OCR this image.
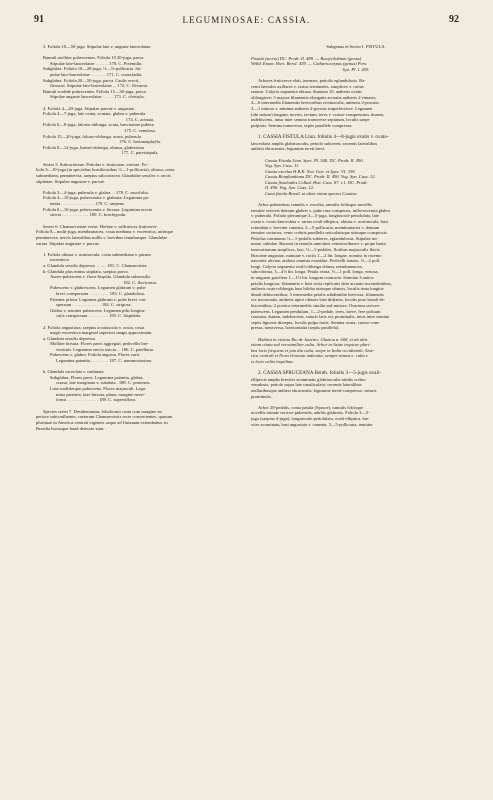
91	LEGUMINOSAE: CASSIA.	92
3. Foliola 10—50-juga. Stipulae late v. anguste lanceolatae.
Ramuli molliter pubescentes. Foliola 10 20-juga, parva.
Stipulae late-lanceolatae . . . . . . 170. C. Potentilla.
Subglabra. Foliola 10—20-juga, ½—⅔-pollicaria. Sti-
pulae lato-lanceolatae . . . . . . . 171. C. conocladia.
Subglabra. Foliola 20—50-juga, parva. Caulis erecti,
flexuosi. Stipulae lato-lanceolatae . . 172. C. flexuosa.
Ramuli sordide pubescentes. Foliola 15—30-juga, parva.
Stipulae anguste lanceolatae . . . . . 173. C. cleistyla.
4. Foliola 4—20-juga. Stipulae parvae v. angustae.
Foliola 4—7-juga, late ovata, acutata, glabra v. puberula
174. C. acinata.
Foliola 6—8-juga, falcato-oblonga, acuta, brevissime pubera
175. C. venulosa.
Foliola 15—20-juga, falcato-oblonga, acuta, puberula
176. C. bertanoiphylla.
Foliola 8—12-juga, lineari-oblonga, obtusa, glaberrima
177. C. parvistipula.
Series 5. Subcoriaceae. Petiolus v. fruticosae, erectae. Fo-
liola 3—10-juga (in speciebus brasiliensibus ½—1-pollicaria), obtusa, costa
submediana, penninervia, saepius subcoriacea. Glandulae sessiles v. raciis
stipitatae. Stipulae angustae v. parvae.
Foliola 3—4-juga, puberula v. glabra . . 178. C. ruscifolia.
Foliola 4—10-juga, pubescentia v. glabrata. Legumina pa-
tentia . . . . . . . . . . . . . . . 179. C. saepens.
Foliola 6—10-juga, pubescentia v. hirsuta. Legumina erecta
stricta . . . . . . . . . . . . 180. C. brachypoda.
Series 6. Chamaecristae verae. Herbae v. suffrutices fruticesve.
Foliola 8—multi-juga, membranacea, costa mediana v. excentrica, utrinque
penninervia, nervis lateralibus nullis v. brevibus tenuibusque. Glandulae
variae. Stipulae angustae v. parvae.
1. Foliola obtusa v. acutiuscula, costa submediana v. parum
excentrica.
a. Glandula sessilis depressa . . . . . 181. C. Chamaecrista.
b. Glandula plus minus stipitata, saepius parva.
Aureo-pubescens v. flavo-hispida. Glandula subsessilis
182. C. flavicoma.
Pubescens v. glabrescens. Legumen glabrum v. pube
brevi conspersum . . . . . . . . . 183. C. glandulosa.
Patenter pilosa. Legumen glabrum v. pube brevi con-
spersum . . . . . . . . . . . . . 184. C. strigosa.
Glabra v. tenuiter pubescens. Legumen pilis longius-
culis conspersum . . . . . . . . . 185. C. hispidula.
2. Foliola angustiora, saepius acutiuscula v. acuta, costa
magis excentrica marginal superiori magis approximata.
a. Glandula sessilis depressa.
Molliter hirsuta. Flores parvi aggregati, pedicellis bre-
vissimis. Legumina erecta stricta . . 186. C. patellaria.
Pubescens v. glabra. Foliola angusta. Flores varii.
Legumina patentia . . . . . . . . 187. C. nummosissima.
b. Glandula urceolata v. turbinata.
Subglabra. Flores parvi. Legumina patentia, glabra,
crassa, late marginata v. subalata . 188. C. pratensis.
Laxe molliterque pubescens. Flores majusculi. Legu-
mina patentia, laxe hirsuta, plana, margine nervi-
formi . . . . . . . . . . . . . . 189. C. supersiflora.
Species seriei 7. Desidentarum, foliolorum costa cum margine su-
periore subconfluente, caeterum Chamaecristis recte convenientes, quarum
plurimae in America centrali vigentes usque ad Guianam extendantur, in
Brasilia hucusque haud detectae sunt.
Subgenus et Sectio I. FISTULA.
Fistula (sectio) DC. Prodr. II. 489. — Bactyrilobium (genus)
Willd. Enum. Hort. Berol. 439. — Cathartocarpus (genus) Pers.
Syn. Pl. I. 459.
Arbores fruticesve elati, inermes, petiolis eglandulosis. Ra-
cemi laterales axillares v. rarius terminales, simplices v. rarius
ramosi. Calycis segmenta obtusa. Stamina 10, antheris ovatis
oblongisve; 3 majora filamentis elongatis arcuatis antheris 2-rimasis;
4—6 intermedia filamentis brevioribus rectiusculis, antheris 2-porosis;
3—1 minora v. minima antheris 2-porosis imperfectisve. Legumen
(ubi notum) longum, teretes, rectum, teres v. crasso-compressum, durum,
indehiscens, intus inter semina transverse septatum, loculis saepe
pulposis. Semina transversa, septis parallele compressa.
1. CASSIA FISTULA Linn. foliolis 4—8-jugis ovatis v. ovato-
lanceolatis amplis glabriusculis, petiolo subcereti; racemis lateralibus
anthesi ebracteatis; legumine tereti laevi.
Cassia Fistula Linn. Spec. Pl. 540. DC. Prodr. II. 490.
Vog. Syn. Cass. 11.
Cassia excelsa H.B.K. Nov. Gen. et Spec. VI. 339.
Cassia Bonplandiana DC. Prodr. II. 490. Vog. Syn. Cass. 12.
Cassia fistuloides Collad. Hist. Cass. 87. t.1. DC. Prodr.
II. 490. Vog. Syn. Cass. 12.
Cana fistula Brasil. ut aliae etiam species Cassiae.
Arbor puberrima; ramulis v. excelsa, ramulis foliisque novellis
tenuiter sericeis demum glabris v. pube rara conspersis, inflorescentia glabra
v. puberula. Foliola plerumque 3—5-juga, longiuscule petiolulata, late
ovata v. ovato-lanceolata v. rarius ovali-elliptica, obtusa v. acutiuscula, basi
rotundata v. breviter cuneata, 3—5-pollicaria, membranacea v. demum
tenuiter coriacea, venis crebris parallelis reticulatisque utrinque conspicuis.
Petiolus communis ½—1-pedalis subteres, eglandulosus. Stipulae mi-
nutae, subulae. Racemi in ramulis annotinis vetustioribusve v. prope basin
innovationum simplices, laxi, ½—1-pedales, floribus majusculis flavis.
Bracteae angustae, minutae v. raciis 1—2 lin. longae, nonnisi in racemo
nascente obviae, anthesi omnino evanidae. Pedicelli tenues, ½—2 poll.
longi. Calycis segmenta ovali-oblonga obtusa, membranacea,
subcolorata, 3—4½ lin. longa. Petala ovata, ½—1 poll. longa, venosa,
in unguem gracilem 1—1½ lin. longum contracta. Stamina 3 antica
petalis longiora, filamentis v. basi recta replicatis dein arcuato-ascendentibus,
antheris ovato-oblongis basi biloba utrinque obtusis, loculis rima longitu-
dinali dehiscentibus; 5 intermedia petalis subdimidio breviora, filamentis
vix incrassatis, antheris apice obtusis basi didymis, loculis poro basali de-
hiscentibus; 2 postica intermediis similia sed minora. Ovarium sericeo-
pubescens. Legumen pendulum, 1—2-pedale, teres, laeve, fere politum
crassum, durum, indehiscens, suturis latis vix prominulis, intus inter semina
septis lignosis dissepta, loculis pulpa fartis. Semina ovata, crasso-com-
pressa, transversa, horizontalia (septis parallela).
Habitat in vicinia Rio de Janeiro: Glaziou n. 608, et ab aliis
etiam citata sed verosimiliter culta. Arbor in Asiae tropicae plari-
bus locis frequens et jam diu culta, saepe in India occidentali, Ame-
rica centrali et Nova Granata indicatur, semper tamen e. culta e
ix locis cultis inquilina.
2. CASSIA SPRUCEANA Benth. foliolis 3—5-jugis ovali-
ellipticis amplis breviter acuminatis glabriusculis nitidis crebro
venulosis; petiolo supra late canaliculato; racemis lateralibus
axillaribusque anthesi ebracteatis; legumine tereti-compresso, suturis
prominulis.
Arbor 20-pedalis, coma patula (Spruce), ramulis foliisque
novellis minute sericeo-puberulis, adultis glabratis. Foliola 3—5-
juga (saepius 4-juga), longiuscule petiolulata, ovali-elliptica, bre-
viter acuminata, basi angustata v. cuneata, 3—5-pollicaria, tenuiter
